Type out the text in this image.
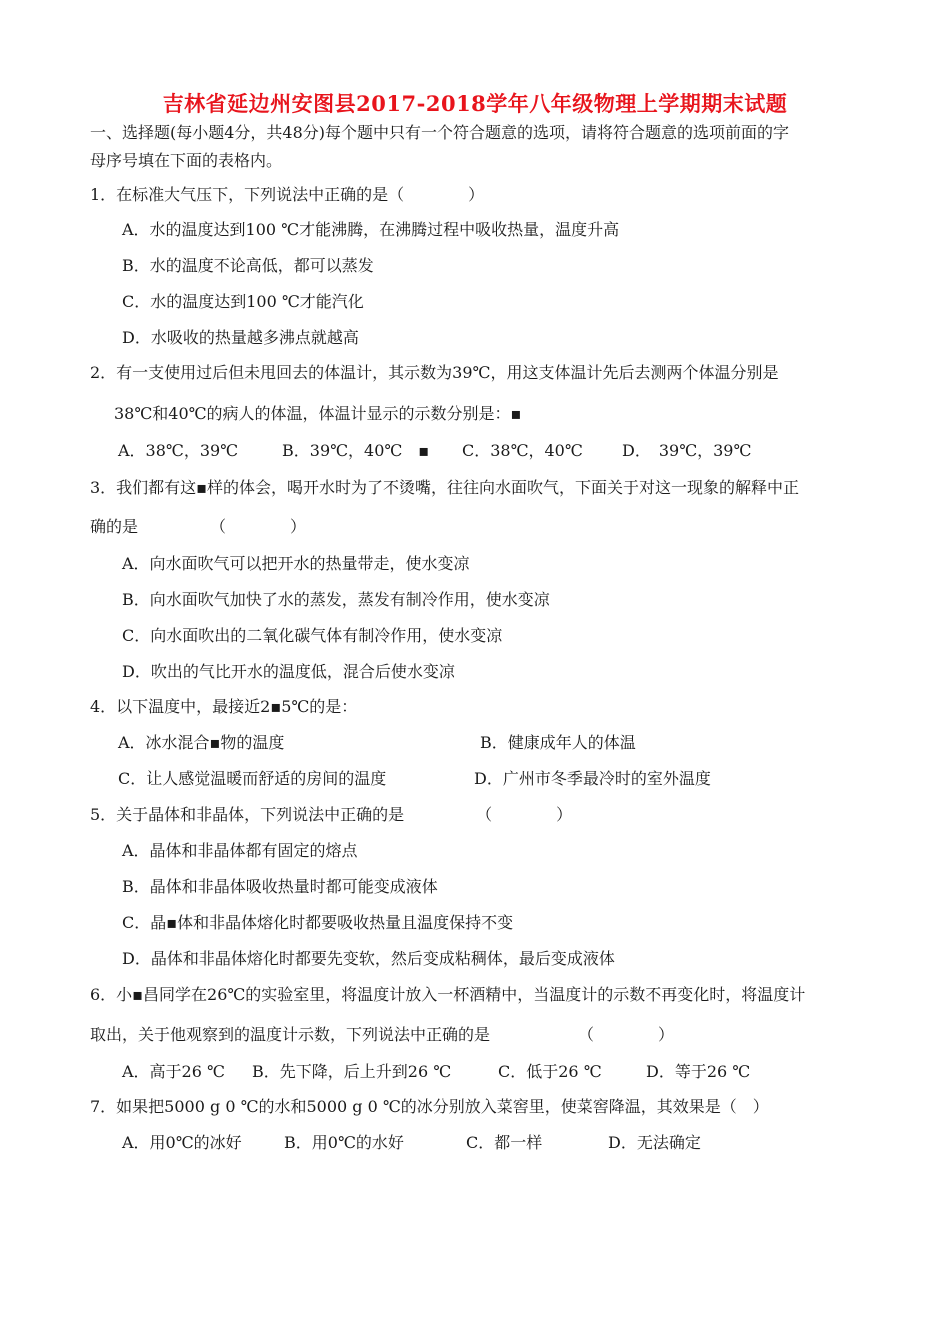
吉林省延边州安图县2017-2018学年八年级物理上学期期末试题
一、选择题(每小题4分，共48分)每个题中只有一个符合题意的选项，请将符合题意的选项前面的字
母序号填在下面的表格内。
1．在标准大气压下，下列说法中正确的是（　　　　）
A．水的温度达到100 ℃才能沸腾，在沸腾过程中吸收热量，温度升高
B．水的温度不论高低，都可以蒸发
C．水的温度达到100 ℃才能汽化
D．水吸收的热量越多沸点就越高
2．有一支使用过后但未甩回去的体温计，其示数为39℃，用这支体温计先后去测两个体温分别是
38℃和40℃的病人的体温，体温计显示的示数分别是：▪
A．38℃，39℃	B．39℃，40℃　▪ C．38℃，40℃ D．　39℃，39℃
3．我们都有这▪样的体会，喝开水时为了不烫嘴，往往向水面吹气，下面关于对这一现象的解释中正
确的是　　　　　（　　　　）
A．向水面吹气可以把开水的热量带走，使水变凉
B．向水面吹气加快了水的蒸发，蒸发有制冷作用，使水变凉
C．向水面吹出的二氧化碳气体有制冷作用，使水变凉
D．吹出的气比开水的温度低，混合后使水变凉
4．以下温度中，最接近2▪5℃的是：
A．冰水混合▪物的温度	B．健康成年人的体温
C．让人感觉温暖而舒适的房间的温度	D．广州市冬季最冷时的室外温度
5．关于晶体和非晶体，下列说法中正确的是　　　　　（　　　　）
A．晶体和非晶体都有固定的熔点
B．晶体和非晶体吸收热量时都可能变成液体
C．晶▪体和非晶体熔化时都要吸收热量且温度保持不变
D．晶体和非晶体熔化时都要先变软，然后变成粘稠体，最后变成液体
6．小▪昌同学在26℃的实验室里，将温度计放入一杯酒精中，当温度计的示数不再变化时，将温度计
取出，关于他观察到的温度计示数，下列说法中正确的是　　　　　　（　　　　）
A．高于26 ℃ B．先下降，后上升到26 ℃	C．低于26 ℃	D．等于26 ℃
7．如果把5000 g 0 ℃的水和5000 g 0 ℃的冰分别放入菜窖里，使菜窖降温，其效果是（　）
A．用0℃的冰好	B．用0℃的水好	C．都一样	D．无法确定
